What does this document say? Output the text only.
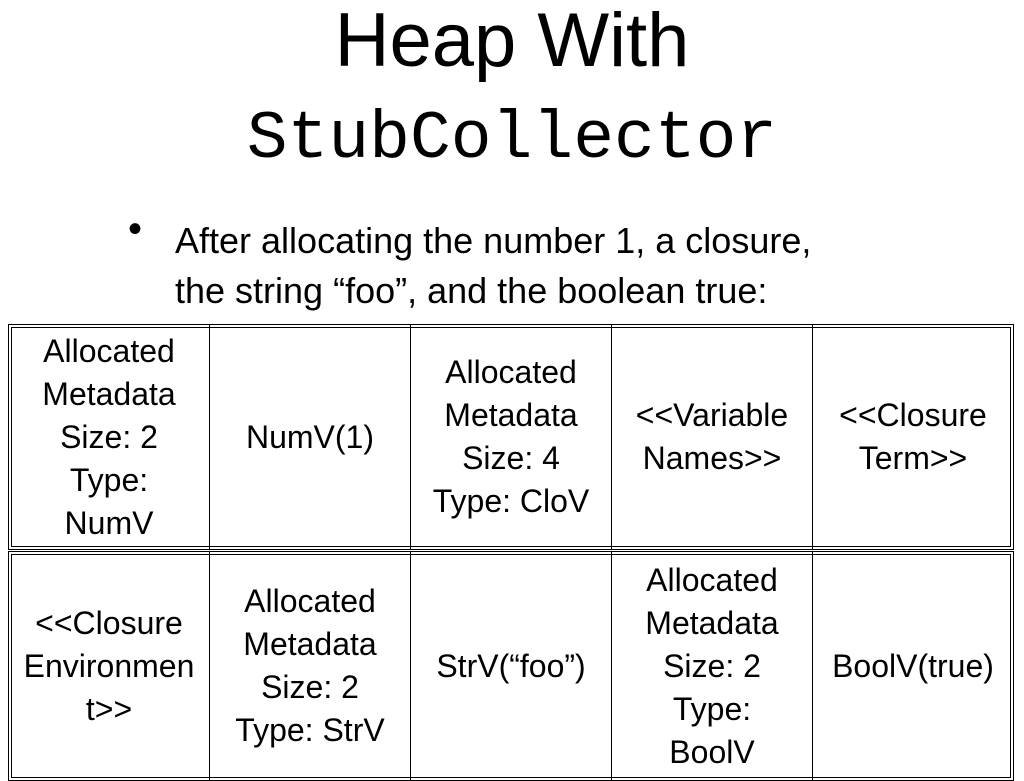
Heap With
StubCollector
• After allocating the number 1, a closure,
the string “foo”, and the boolean true:
Allocated
Metadata
Size: 2
Type:
NumV
NumV(1)
Allocated
Metadata
Size: 4
Type: CloV
<<Variable
Names>>
<<Closure
Term>>
<<Closure
Environmen
t>>
Allocated
Metadata
Size: 2
Type: StrV
StrV(“foo”)
Allocated
Metadata
Size: 2
Type:
BoolV
BoolV(true)
